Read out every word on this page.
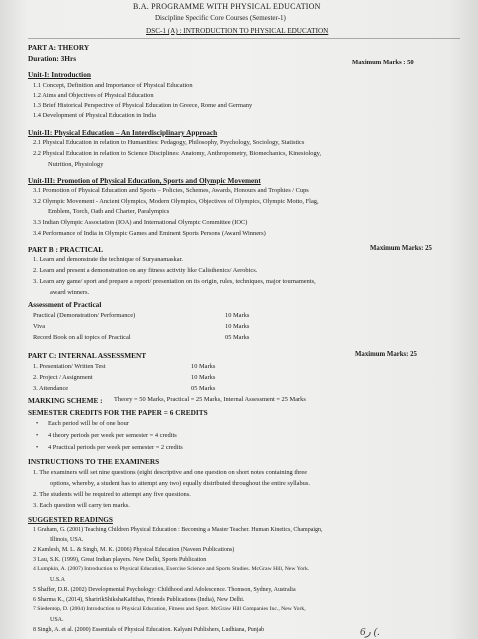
B.A. PROGRAMME WITH PHYSICAL EDUCATION
Discipline Specific Core Courses (Semester-1)
DSC-1 (A) : INTRODUCTION TO PHYSICAL EDUCATION
PART A: THEORY
Duration: 3Hrs	Maximum Marks : 50
Unit-I: Introduction
1.1 Concept, Definition and Importance of Physical Education
1.2 Aims and Objectives of Physical Education
1.3 Brief Historical Perspective of Physical Education in Greece, Rome and Germany
1.4 Development of Physical Education in India
Unit-II: Physical Education – An Interdisciplinary Approach
2.1 Physical Education in relation to Humanities: Pedagogy, Philosophy, Psychology, Sociology, Statistics
2.2 Physical Education in relation to Science Disciplines: Anatomy, Anthropometry, Biomechanics, Kinesiology,
Nutrition, Physiology
Unit-III: Promotion of Physical Education, Sports and Olympic Movement
3.1 Promotion of Physical Education and Sports – Policies, Schemes, Awards, Honours and Trophies / Cups
3.2 Olympic Movement - Ancient Olympics, Modern Olympics, Objectives of Olympics, Olympic Motto, Flag,
Emblem, Torch, Oath and Charter, Paralympics
3.3 Indian Olympic Association (IOA) and International Olympic Committee (IOC)
3.4 Performance of India in Olympic Games and Eminent Sports Persons (Award Winners)
PART B : PRACTICAL	Maximum Marks: 25
1. Learn and demonstrate the technique of Suryanamaskar.
2. Learn and present a demonstration on any fitness activity like Calisthenics/ Aerobics.
3. Learn any game/ sport and prepare a report/ presentation on its origin, rules, techniques, major tournaments,
award winners.
Assessment of Practical
Practical (Demonstration/ Performance)	10 Marks
Viva	10 Marks
Record Book on all topics of Practical	05 Marks
PART C: INTERNAL ASSESSMENT	Maximum Marks: 25
1. Presentation/ Written Test	10 Marks
2. Project / Assignment	10 Marks
3. Attendance	05 Marks
MARKING SCHEME : Theory = 50 Marks, Practical = 25 Marks, Internal Assessment = 25 Marks
SEMESTER CREDITS FOR THE PAPER = 6 CREDITS
• Each period will be of one hour
• 4 theory periods per week per semester = 4 credits
• 4 Practical periods per week per semester = 2 credits
INSTRUCTIONS TO THE EXAMINERS
1. The examiners will set nine questions (eight descriptive and one question on short notes containing three
options, whereby, a student has to attempt any two) equally distributed throughout the entire syllabus.
2. The students will be required to attempt any five questions.
3. Each question will carry ten marks.
SUGGESTED READINGS
1 Graham, G. (2001) Teaching Children Physical Education : Becoming a Master Teacher. Human Kinetics, Champaign,
Illinois, USA.
2 Kamlesh, M. L. & Singh, M. K. (2006) Physical Education (Naveen Publications)
3 Lau, S.K. (1999), Great Indian players. New Delhi, Sports Publication
4 Lumpkin, A. (2007) Introduction to Physical Education, Exercise Science and Sports Studies. McGraw Hill, New York.
U.S.A
5 Shaffer, D.R. (2002) Developmental Psychology: Childhood and Adolescence. Thomson, Sydney, Australia
6 Sharma K., (2014), SharirikShikshaKaItihas, Friends Publications (India), New Delhi.
7 Siedentop, D. (2004) Introduction to Physical Education, Fitness and Sport. McGraw Hill Companies Inc., New York,
USA.
8 Singh, A. et al. (2000) Essentials of Physical Education. Kalyani Publishers, Ludhiana, Punjab	ر6 (.
